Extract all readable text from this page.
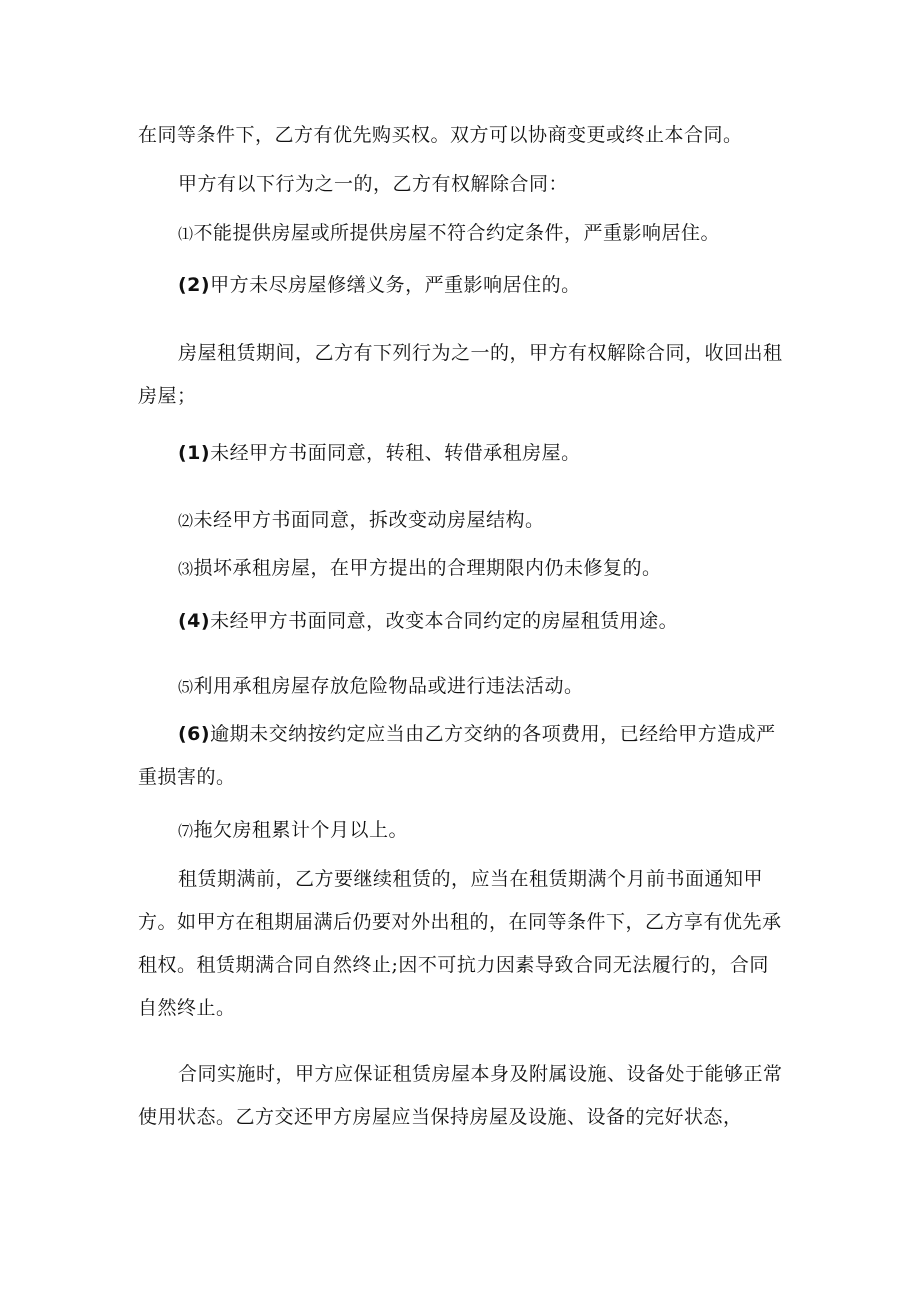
在同等条件下，乙方有优先购买权。双方可以协商变更或终止本合同。

甲方有以下行为之一的，乙方有权解除合同：

⑴不能提供房屋或所提供房屋不符合约定条件，严重影响居住。

(2)甲方未尽房屋修缮义务，严重影响居住的。

房屋租赁期间，乙方有下列行为之一的，甲方有权解除合同，收回出租房屋；

(1)未经甲方书面同意，转租、转借承租房屋。

⑵未经甲方书面同意，拆改变动房屋结构。

⑶损坏承租房屋，在甲方提出的合理期限内仍未修复的。

(4)未经甲方书面同意，改变本合同约定的房屋租赁用途。

⑸利用承租房屋存放危险物品或进行违法活动。

(6)逾期未交纳按约定应当由乙方交纳的各项费用，已经给甲方造成严重损害的。

⑺拖欠房租累计个月以上。

租赁期满前，乙方要继续租赁的，应当在租赁期满个月前书面通知甲方。如甲方在租期届满后仍要对外出租的，在同等条件下，乙方享有优先承租权。租赁期满合同自然终止;因不可抗力因素导致合同无法履行的，合同自然终止。

合同实施时，甲方应保证租赁房屋本身及附属设施、设备处于能够正常使用状态。乙方交还甲方房屋应当保持房屋及设施、设备的完好状态，
